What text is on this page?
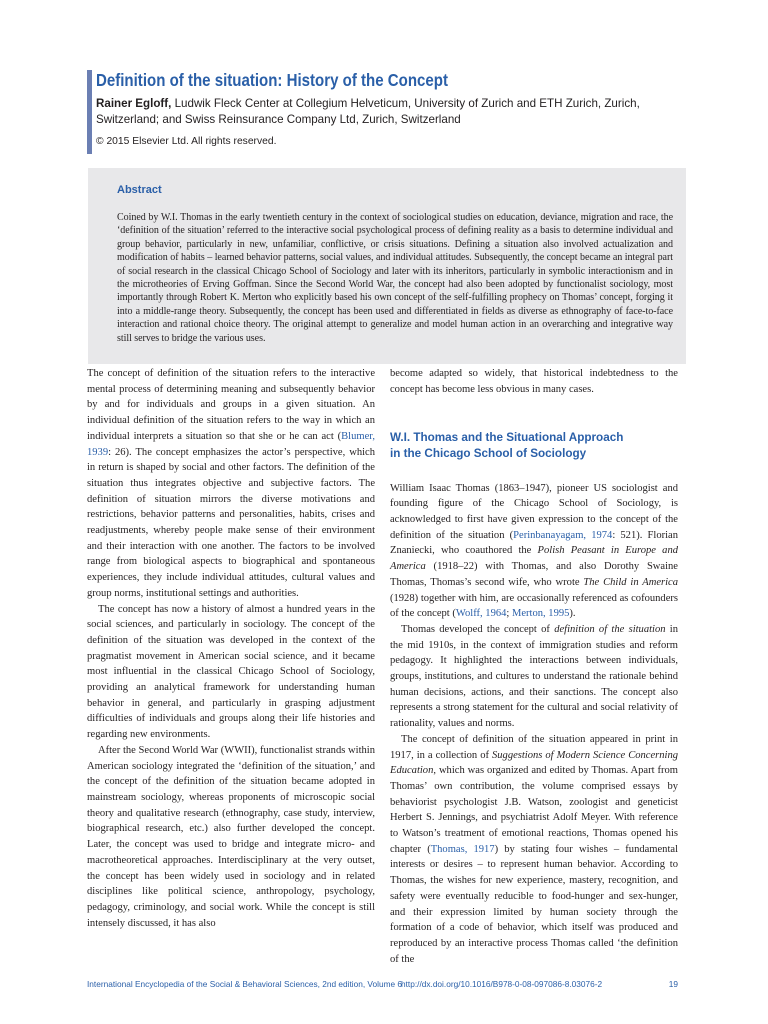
Definition of the situation: History of the Concept

Rainer Egloff, Ludwik Fleck Center at Collegium Helveticum, University of Zurich and ETH Zurich, Zurich, Switzerland; and Swiss Reinsurance Company Ltd, Zurich, Switzerland

© 2015 Elsevier Ltd. All rights reserved.

Abstract
Coined by W.I. Thomas in the early twentieth century in the context of sociological studies on education, deviance, migration and race, the ‘definition of the situation’ referred to the interactive social psychological process of defining reality as a basis to determine individual and group behavior, particularly in new, unfamiliar, conflictive, or crisis situations. Defining a situation also involved actualization and modification of habits – learned behavior patterns, social values, and individual attitudes. Subsequently, the concept became an integral part of social research in the classical Chicago School of Sociology and later with its inheritors, particularly in symbolic interactionism and in the microtheories of Erving Goffman. Since the Second World War, the concept had also been adopted by functionalist sociology, most importantly through Robert K. Merton who explicitly based his own concept of the self-fulfilling prophecy on Thomas’ concept, forging it into a middle-range theory. Subsequently, the concept has been used and differentiated in fields as diverse as ethnography of face-to-face interaction and rational choice theory. The original attempt to generalize and model human action in an overarching and integrative way still serves to bridge the various uses.

The concept of definition of the situation refers to the interactive mental process of determining meaning and subsequently behavior by and for individuals and groups in a given situation. An individual definition of the situation refers to the way in which an individual interprets a situation so that she or he can act (Blumer, 1939: 26). The concept emphasizes the actor’s perspective, which in return is shaped by social and other factors. The definition of the situation thus integrates objective and subjective factors. The definition of situation mirrors the diverse motivations and restrictions, behavior patterns and personalities, habits, crises and readjustments, whereby people make sense of their environment and their interaction with one another. The factors to be involved range from biological aspects to biographical and spontaneous experiences, they include individual attitudes, cultural values and group norms, institutional settings and authorities.

The concept has now a history of almost a hundred years in the social sciences, and particularly in sociology. The concept of the definition of the situation was developed in the context of the pragmatist movement in American social science, and it became most influential in the classical Chicago School of Sociology, providing an analytical framework for understanding human behavior in general, and particularly in grasping adjustment difficulties of individuals and groups along their life histories and regarding new environments.

After the Second World War (WWII), functionalist strands within American sociology integrated the ‘definition of the situation,’ and the concept of the definition of the situation became adopted in mainstream sociology, whereas proponents of microscopic social theory and qualitative research (ethnography, case study, interview, biographical research, etc.) also further developed the concept. Later, the concept was used to bridge and integrate micro- and macrotheoretical approaches. Interdisciplinary at the very outset, the concept has been widely used in sociology and in related disciplines like political science, anthropology, psychology, pedagogy, criminology, and social work. While the concept is still intensely discussed, it has also

become adapted so widely, that historical indebtedness to the concept has become less obvious in many cases.

W.I. Thomas and the Situational Approach
in the Chicago School of Sociology

William Isaac Thomas (1863–1947), pioneer US sociologist and founding figure of the Chicago School of Sociology, is acknowledged to first have given expression to the concept of the definition of the situation (Perinbanayagam, 1974: 521). Florian Znaniecki, who coauthored the Polish Peasant in Europe and America (1918–22) with Thomas, and also Dorothy Swaine Thomas, Thomas’s second wife, who wrote The Child in America (1928) together with him, are occasionally referenced as cofounders of the concept (Wolff, 1964; Merton, 1995).

Thomas developed the concept of definition of the situation in the mid 1910s, in the context of immigration studies and reform pedagogy. It highlighted the interactions between individuals, groups, institutions, and cultures to understand the rationale behind human decisions, actions, and their sanctions. The concept also represents a strong statement for the cultural and social relativity of rationality, values and norms.

The concept of definition of the situation appeared in print in 1917, in a collection of Suggestions of Modern Science Concerning Education, which was organized and edited by Thomas. Apart from Thomas’ own contribution, the volume comprised essays by behaviorist psychologist J.B. Watson, zoologist and geneticist Herbert S. Jennings, and psychiatrist Adolf Meyer. With reference to Watson’s treatment of emotional reactions, Thomas opened his chapter (Thomas, 1917) by stating four wishes – fundamental interests or desires – to represent human behavior. According to Thomas, the wishes for new experience, mastery, recognition, and safety were eventually reducible to food-hunger and sex-hunger, and their expression limited by human society through the formation of a code of behavior, which itself was produced and reproduced by an interactive process Thomas called ‘the definition of the

International Encyclopedia of the Social & Behavioral Sciences, 2nd edition, Volume 6
http://dx.doi.org/10.1016/B978-0-08-097086-8.03076-2	19
